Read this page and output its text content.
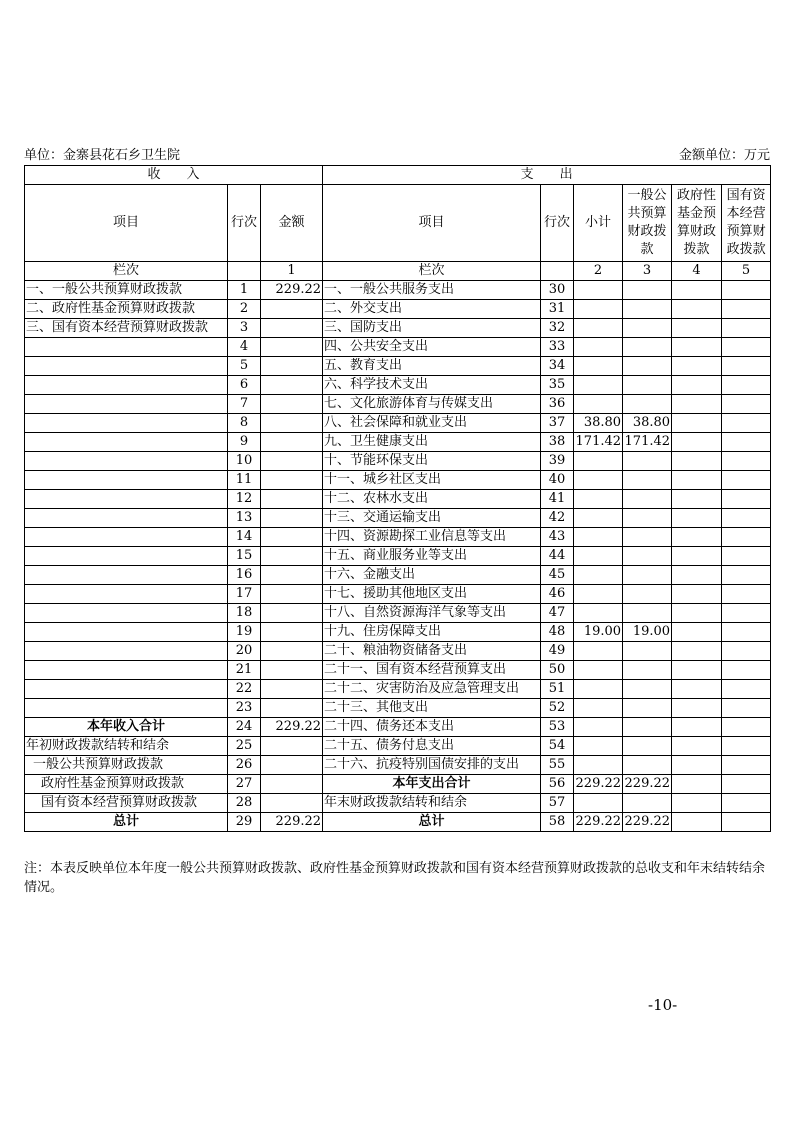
单位：金寨县花石乡卫生院	金额单位：万元
收　　入			支　　出					
项目	行次	金额	项目	行次	小计	一般公共预算财政拨款	政府性基金预算财政拨款	国有资本经营预算财政拨款
栏次		1	栏次		2	3	4	5
一、一般公共预算财政拨款	1	229.22	一、一般公共服务支出	30				
二、政府性基金预算财政拨款	2		二、外交支出	31				
三、国有资本经营预算财政拨款	3		三、国防支出	32				
	4		四、公共安全支出	33				
	5		五、教育支出	34				
	6		六、科学技术支出	35				
	7		七、文化旅游体育与传媒支出	36				
	8		八、社会保障和就业支出	37	38.80	38.80		
	9		九、卫生健康支出	38	171.42	171.42		
	10		十、节能环保支出	39				
	11		十一、城乡社区支出	40				
	12		十二、农林水支出	41				
	13		十三、交通运输支出	42				
	14		十四、资源勘探工业信息等支出	43				
	15		十五、商业服务业等支出	44				
	16		十六、金融支出	45				
	17		十七、援助其他地区支出	46				
	18		十八、自然资源海洋气象等支出	47				
	19		十九、住房保障支出	48	19.00	19.00		
	20		二十、粮油物资储备支出	49				
	21		二十一、国有资本经营预算支出	50				
	22		二十二、灾害防治及应急管理支出	51				
	23		二十三、其他支出	52				
本年收入合计	24	229.22	二十四、债务还本支出	53				
年初财政拨款结转和结余	25		二十五、债务付息支出	54				
一般公共预算财政拨款	26		二十六、抗疫特别国债安排的支出	55				
政府性基金预算财政拨款	27		本年支出合计	56	229.22	229.22		
国有资本经营预算财政拨款	28		年末财政拨款结转和结余	57				
总计	29	229.22	总计	58	229.22	229.22		
注：本表反映单位本年度一般公共预算财政拨款、政府性基金预算财政拨款和国有资本经营预算财政拨款的总收支和年末结转结余情况。
-10-
